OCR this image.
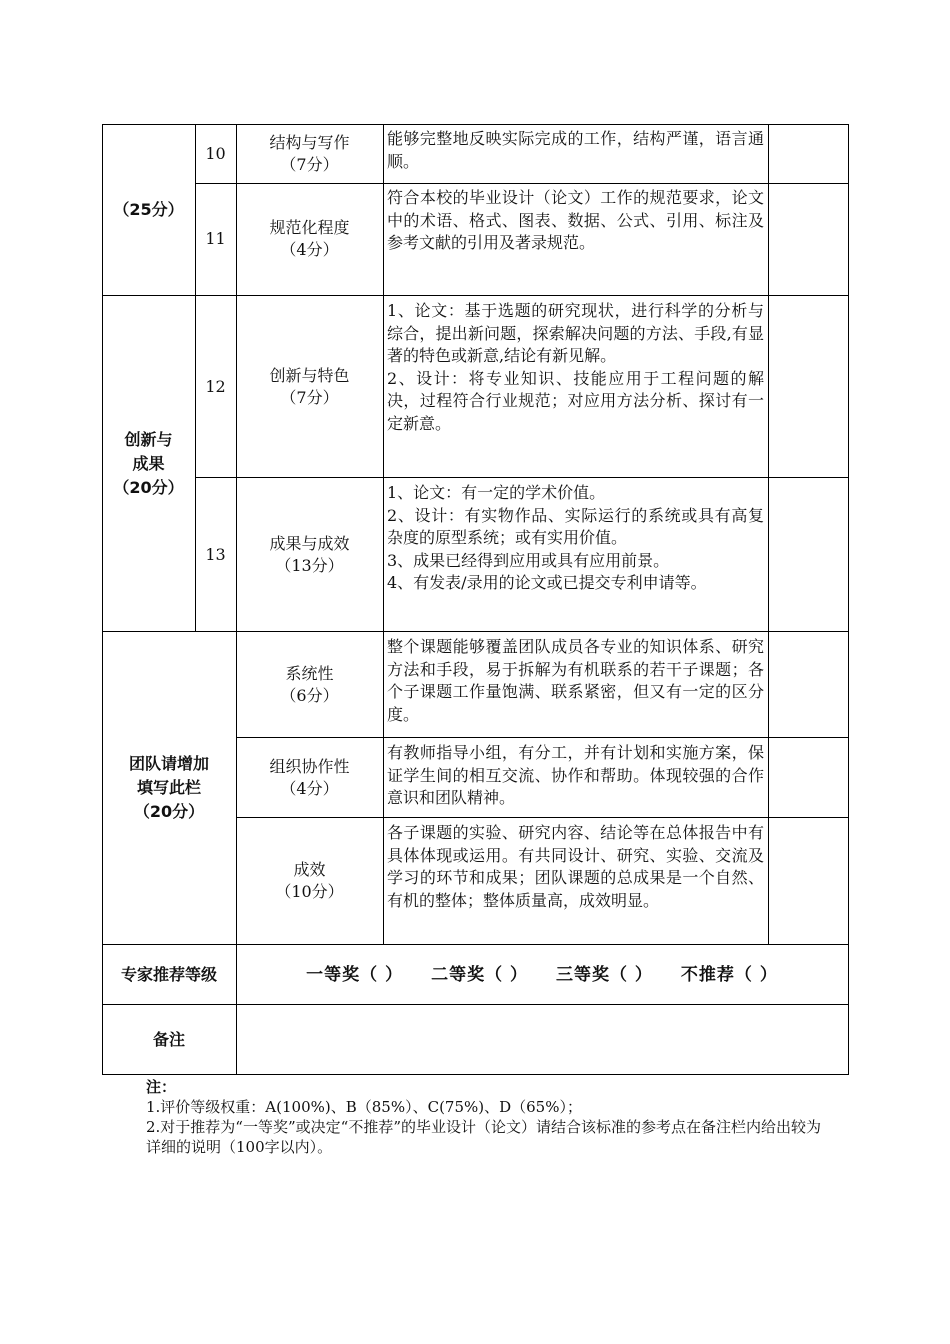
（25分）
10
结构与写作
（7分）

能够完整地反映实际完成的工作，结构严谨，语言通顺。

11
规范化程度
（4分）

符合本校的毕业设计（论文）工作的规范要求，论文中的术语、格式、图表、数据、公式、引用、标注及参考文献的引用及著录规范。

创新与
成果
（20分）
12
创新与特色
（7分）

1、论文：基于选题的研究现状，进行科学的分析与综合，提出新问题，探索解决问题的方法、手段,有显著的特色或新意,结论有新见解。

2、设计：将专业知识、技能应用于工程问题的解决，过程符合行业规范；对应用方法分析、探讨有一定新意。

13
成果与成效
（13分）

1、论文：有一定的学术价值。

2、设计：有实物作品、实际运行的系统或具有高复杂度的原型系统；或有实用价值。

3、成果已经得到应用或具有应用前景。

4、有发表/录用的论文或已提交专利申请等。

团队请增加
填写此栏
（20分）
系统性
（6分）

整个课题能够覆盖团队成员各专业的知识体系、研究方法和手段，易于拆解为有机联系的若干子课题；各个子课题工作量饱满、联系紧密，但又有一定的区分度。

组织协作性
（4分）

有教师指导小组，有分工，并有计划和实施方案，保证学生间的相互交流、协作和帮助。体现较强的合作意识和团队精神。

成效
（10分）

各子课题的实验、研究内容、结论等在总体报告中有具体体现或运用。有共同设计、研究、实验、交流及学习的环节和成果；团队课题的总成果是一个自然、有机的整体；整体质量高，成效明显。

专家推荐等级	一等奖（ ） 二等奖（ ） 三等奖（ ） 不推荐（ ）
备注

注：

1.评价等级权重：A(100%)、B（85%）、C(75%)、D（65%）；

2.对于推荐为“一等奖”或决定“不推荐”的毕业设计（论文）请结合该标准的参考点在备注栏内给出较为详细的说明（100字以内）。
